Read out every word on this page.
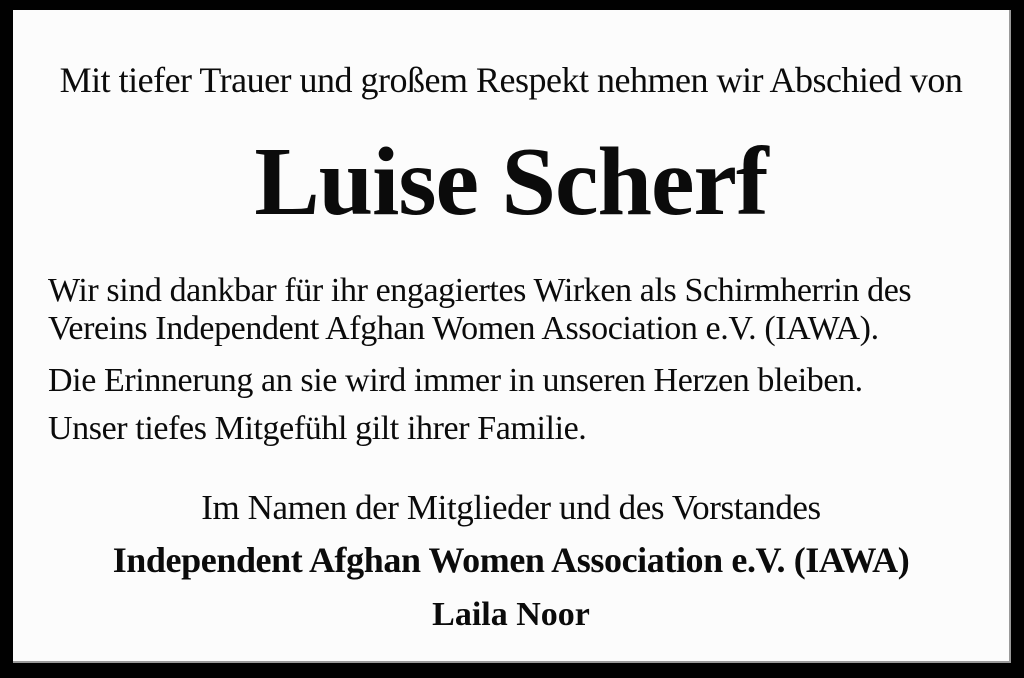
Mit tiefer Trauer und großem Respekt nehmen wir Abschied von
Luise Scherf
Wir sind dankbar für ihr engagiertes Wirken als Schirmherrin des
Vereins Independent Afghan Women Association e.V. (IAWA).
Die Erinnerung an sie wird immer in unseren Herzen bleiben.
Unser tiefes Mitgefühl gilt ihrer Familie.
Im Namen der Mitglieder und des Vorstandes
Independent Afghan Women Association e.V. (IAWA)
Laila Noor
